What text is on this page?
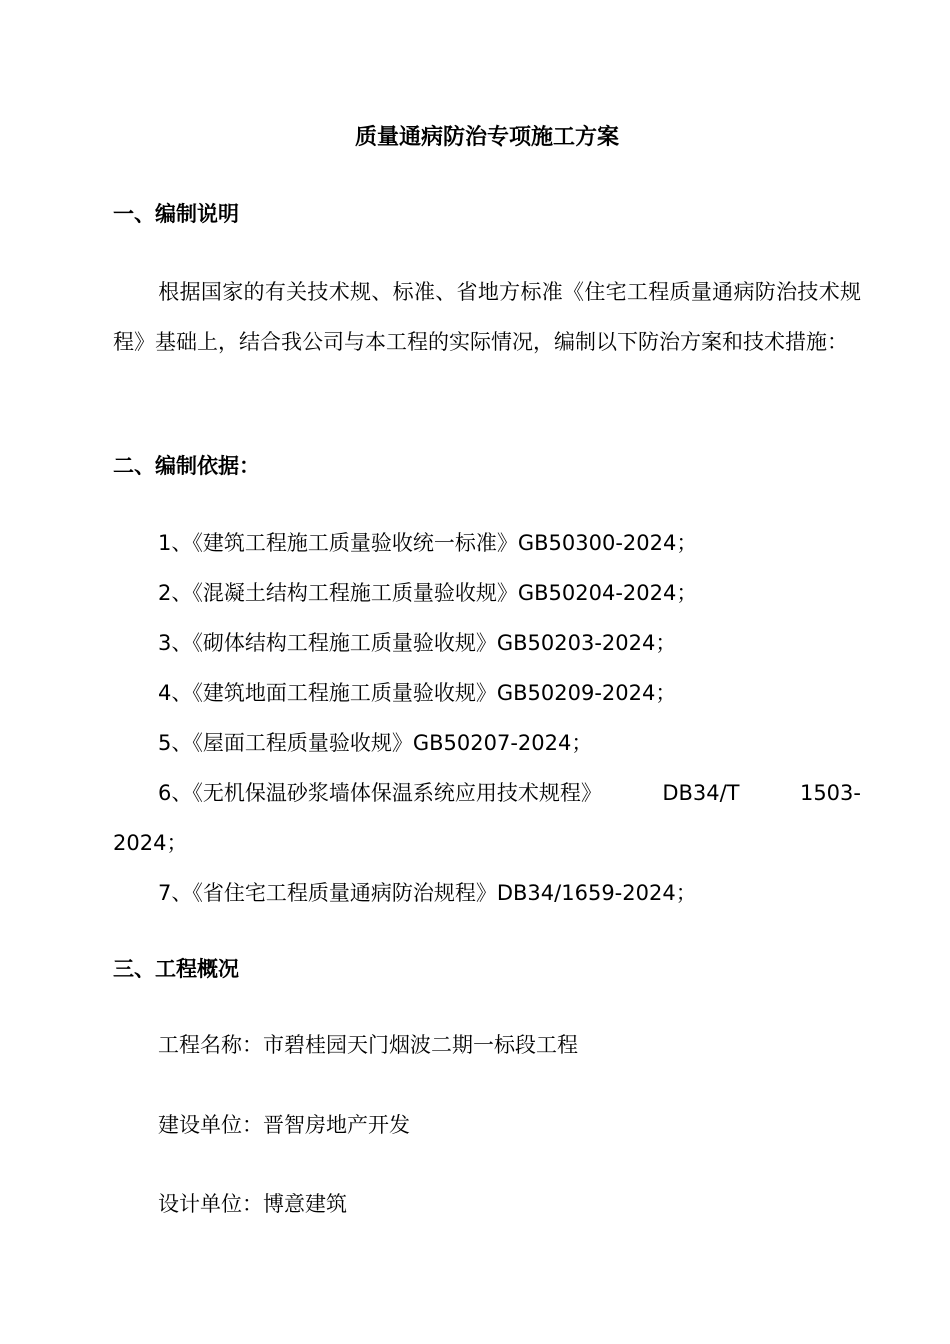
质量通病防治专项施工方案
一、编制说明
根据国家的有关技术规、标准、省地方标准《住宅工程质量通病防治技术规程》基础上，结合我公司与本工程的实际情况，编制以下防治方案和技术措施：
二、编制依据：
1、《建筑工程施工质量验收统一标准》GB50300-2024；
2、《混凝土结构工程施工质量验收规》GB50204-2024；
3、《砌体结构工程施工质量验收规》GB50203-2024；
4、《建筑地面工程施工质量验收规》GB50209-2024；
5、《屋面工程质量验收规》GB50207-2024；
6、《无机保温砂浆墙体保温系统应用技术规程》	DB34/T	1503-
2024；
7、《省住宅工程质量通病防治规程》DB34/1659-2024；
三、工程概况
工程名称：市碧桂园天门烟波二期一标段工程
建设单位：晋智房地产开发
设计单位：博意建筑
